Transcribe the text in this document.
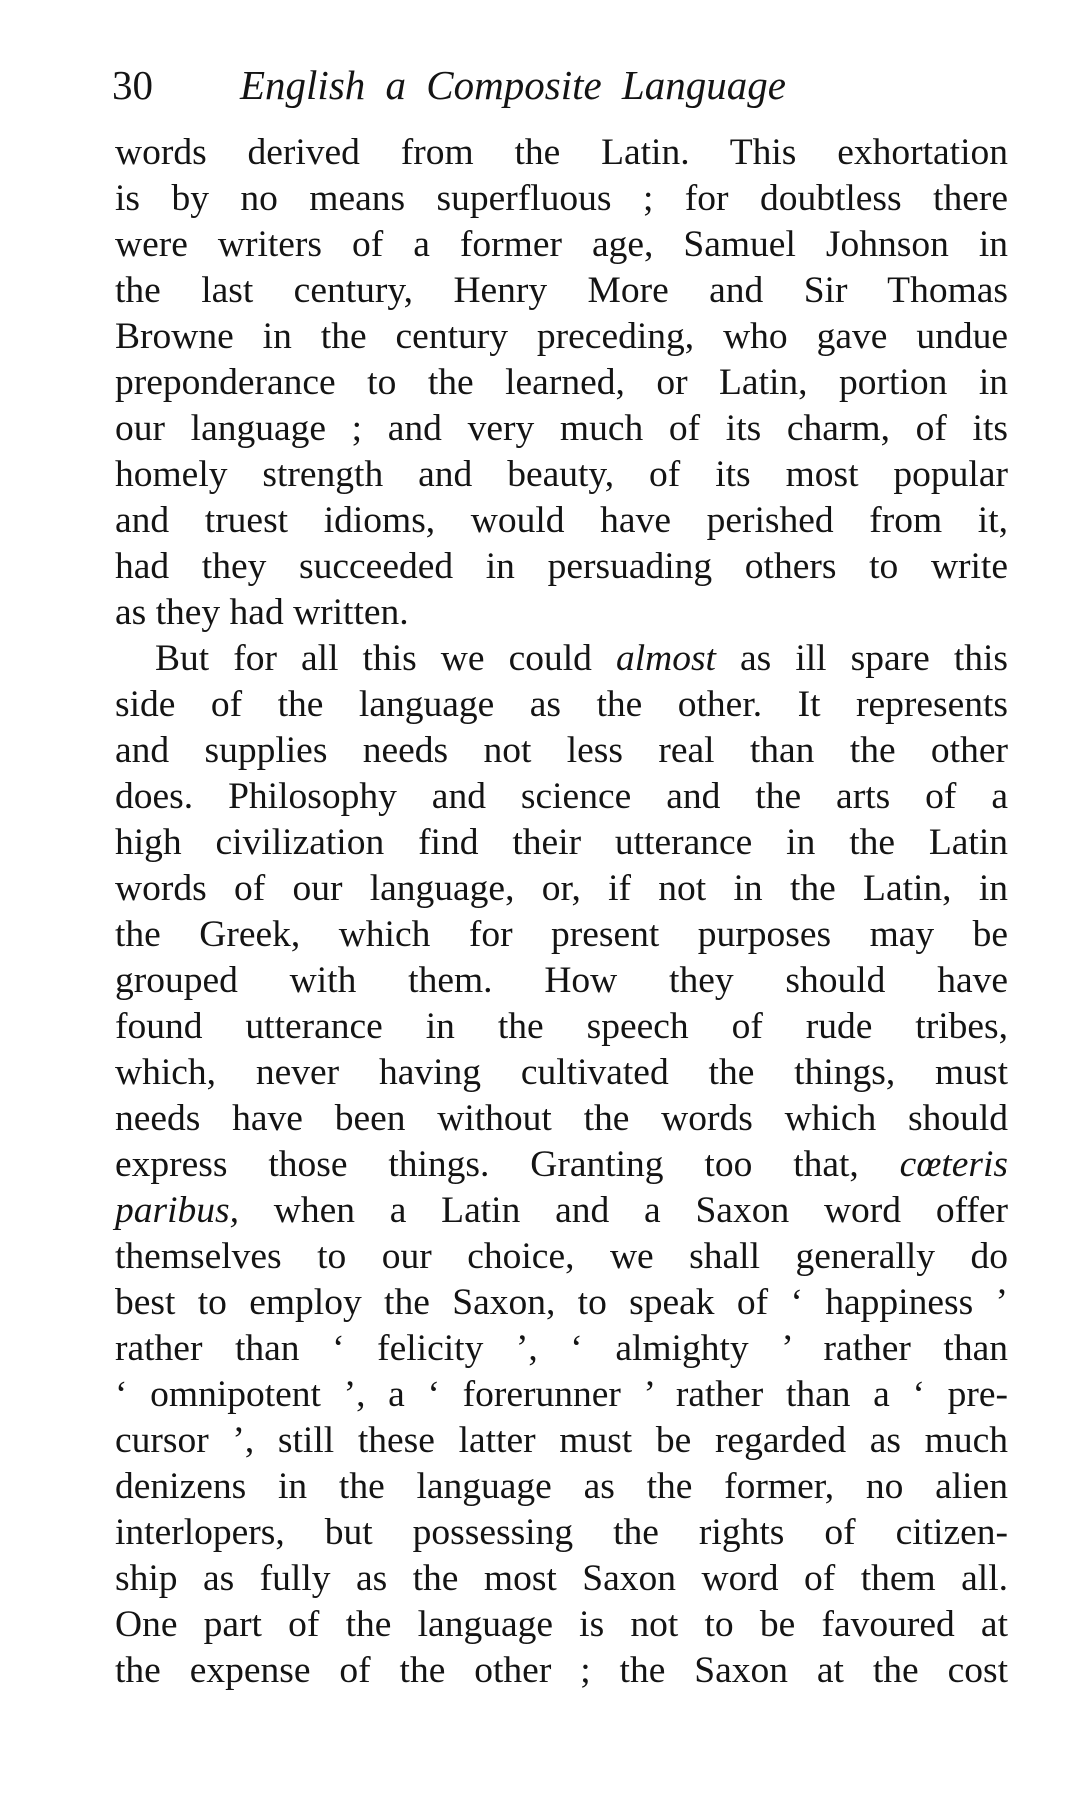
30 English a Composite Language
words derived from the Latin. This exhortation
is by no means superfluous ; for doubtless there
were writers of a former age, Samuel Johnson in
the last century, Henry More and Sir Thomas
Browne in the century preceding, who gave undue
preponderance to the learned, or Latin, portion in
our language ; and very much of its charm, of its
homely strength and beauty, of its most popular
and truest idioms, would have perished from it,
had they succeeded in persuading others to write
as they had written.
But for all this we could almost as ill spare this
side of the language as the other. It represents
and supplies needs not less real than the other
does. Philosophy and science and the arts of a
high civilization find their utterance in the Latin
words of our language, or, if not in the Latin, in
the Greek, which for present purposes may be
grouped with them. How they should have
found utterance in the speech of rude tribes,
which, never having cultivated the things, must
needs have been without the words which should
express those things. Granting too that, cœteris
paribus, when a Latin and a Saxon word offer
themselves to our choice, we shall generally do
best to employ the Saxon, to speak of ‘ happiness ’
rather than ‘ felicity ’, ‘ almighty ’ rather than
‘ omnipotent ’, a ‘ forerunner ’ rather than a ‘ pre-
cursor ’, still these latter must be regarded as much
denizens in the language as the former, no alien
interlopers, but possessing the rights of citizen-
ship as fully as the most Saxon word of them all.
One part of the language is not to be favoured at
the expense of the other ; the Saxon at the cost
